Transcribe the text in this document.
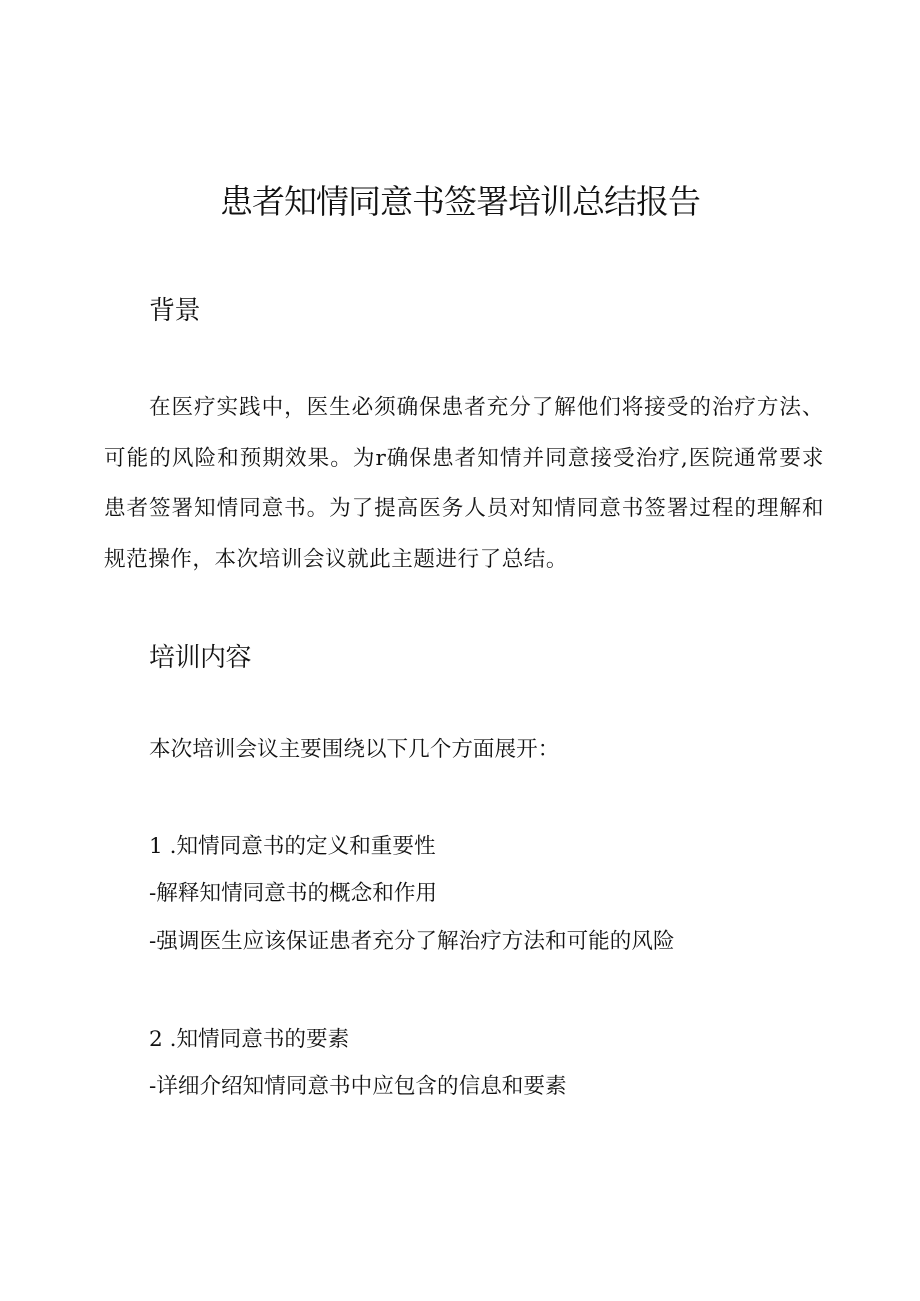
患者知情同意书签署培训总结报告
背景

在医疗实践中，医生必须确保患者充分了解他们将接受的治疗方法、可能的风险和预期效果。为r确保患者知情并同意接受治疗,医院通常要求患者签署知情同意书。为了提高医务人员对知情同意书签署过程的理解和规范操作，本次培训会议就此主题进行了总结。

培训内容

本次培训会议主要围绕以下几个方面展开：

1 .知情同意书的定义和重要性

-解释知情同意书的概念和作用

-强调医生应该保证患者充分了解治疗方法和可能的风险

2 .知情同意书的要素

-详细介绍知情同意书中应包含的信息和要素
